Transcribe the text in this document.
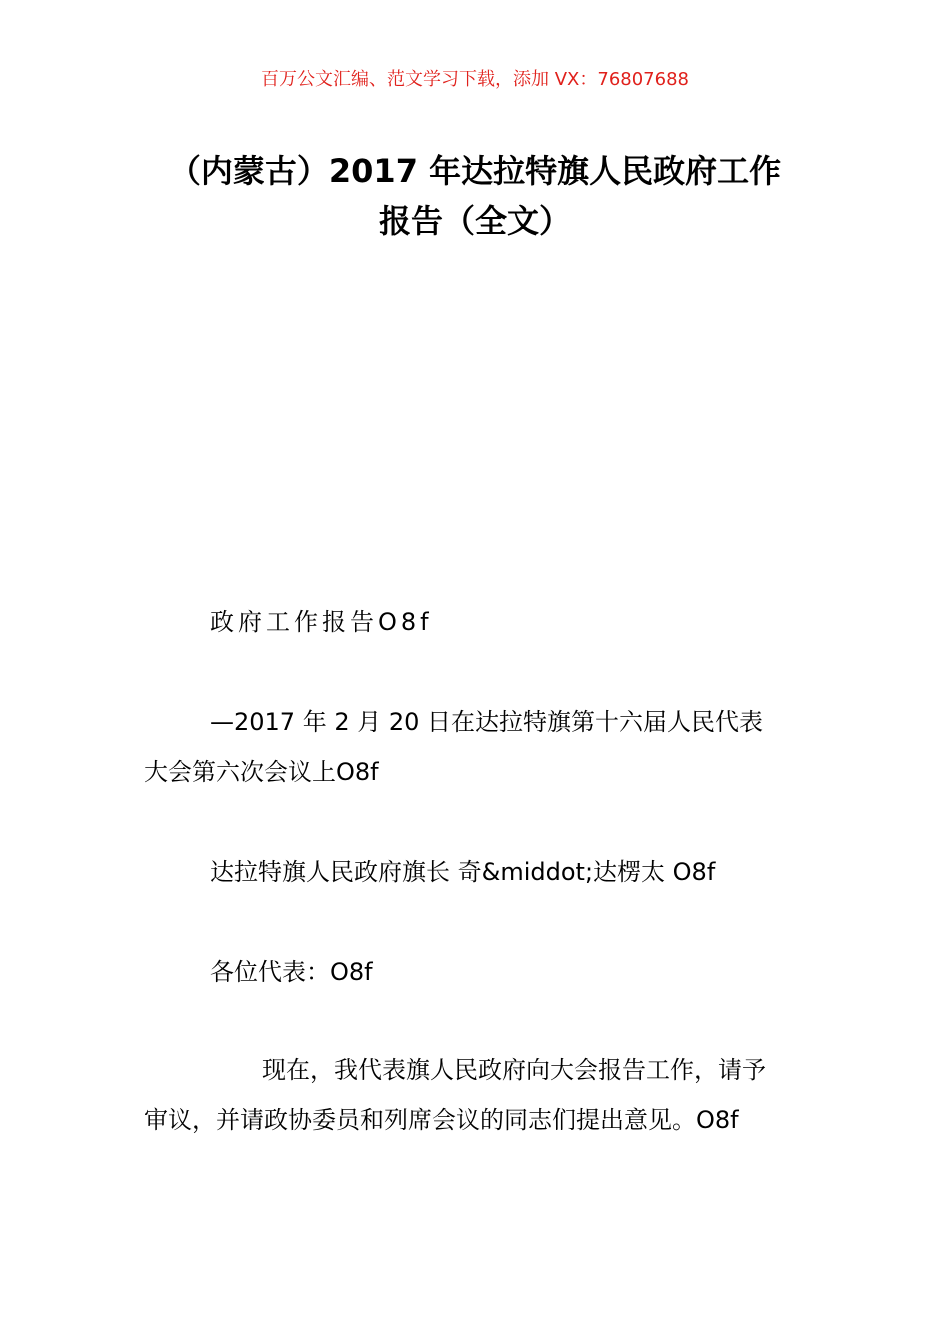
百万公文汇编、范文学习下载，添加 VX：76807688
（内蒙古）2017 年达拉特旗人民政府工作
报告（全文）
政府工作报告O8f
—2017 年 2 月 20 日在达拉特旗第十六届人民代表
大会第六次会议上O8f
达拉特旗人民政府旗长 奇&middot;达楞太 O8f
各位代表：O8f
现在，我代表旗人民政府向大会报告工作，请予
审议，并请政协委员和列席会议的同志们提出意见。O8f
